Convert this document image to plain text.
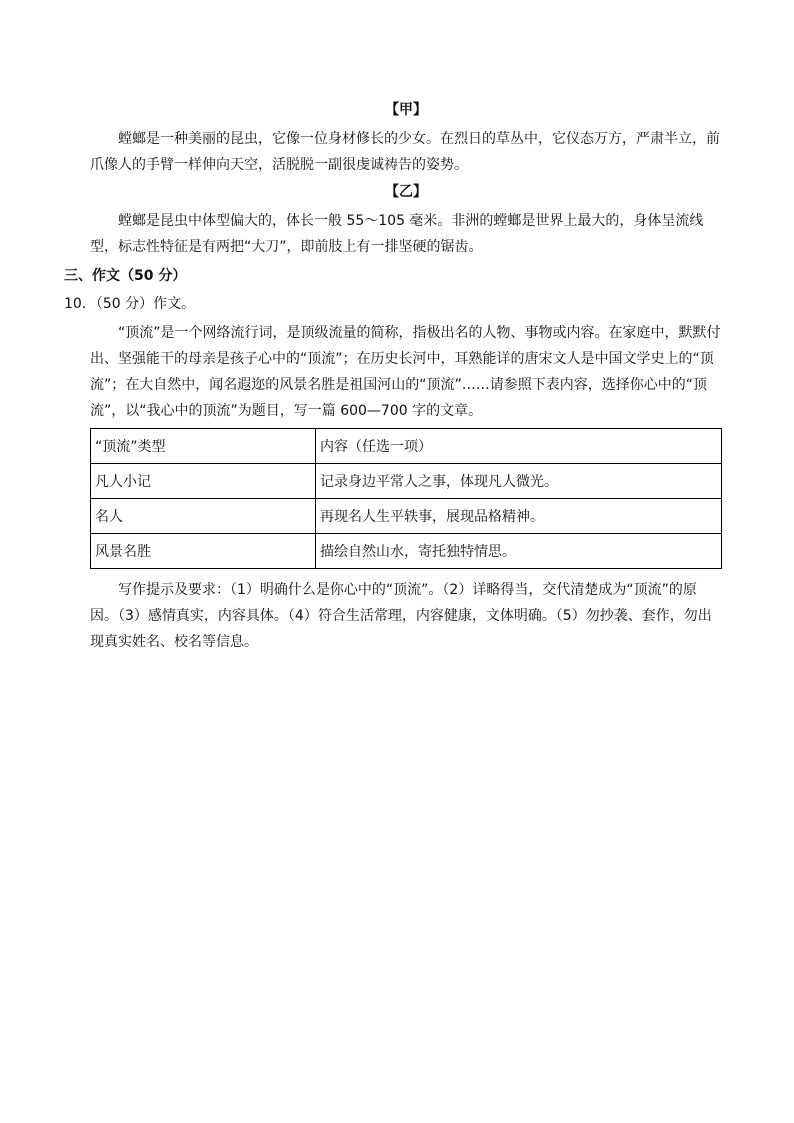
【甲】

螳螂是一种美丽的昆虫，它像一位身材修长的少女。在烈日的草丛中，它仪态万方，严肃半立，前爪像人的手臂一样伸向天空，活脱脱一副很虔诚祷告的姿势。

【乙】

螳螂是昆虫中体型偏大的，体长一般 55～105 毫米。非洲的螳螂是世界上最大的，身体呈流线型，标志性特征是有两把“大刀”，即前肢上有一排坚硬的锯齿。

三、作文（50 分）
10．（50 分）作文。

“顶流”是一个网络流行词，是顶级流量的简称，指极出名的人物、事物或内容。在家庭中，默默付出、坚强能干的母亲是孩子心中的“顶流”；在历史长河中，耳熟能详的唐宋文人是中国文学史上的“顶流”；在大自然中，闻名遐迩的风景名胜是祖国河山的“顶流”……请参照下表内容，选择你心中的“顶流”，以“我心中的顶流”为题目，写一篇 600—700 字的文章。

“顶流”类型	内容（任选一项）
凡人小记	记录身边平常人之事，体现凡人微光。
名人	再现名人生平轶事，展现品格精神。
风景名胜	描绘自然山水，寄托独特情思。

写作提示及要求：（1）明确什么是你心中的“顶流”。（2）详略得当，交代清楚成为“顶流”的原因。（3）感情真实，内容具体。（4）符合生活常理，内容健康，文体明确。（5）勿抄袭、套作，勿出现真实姓名、校名等信息。
